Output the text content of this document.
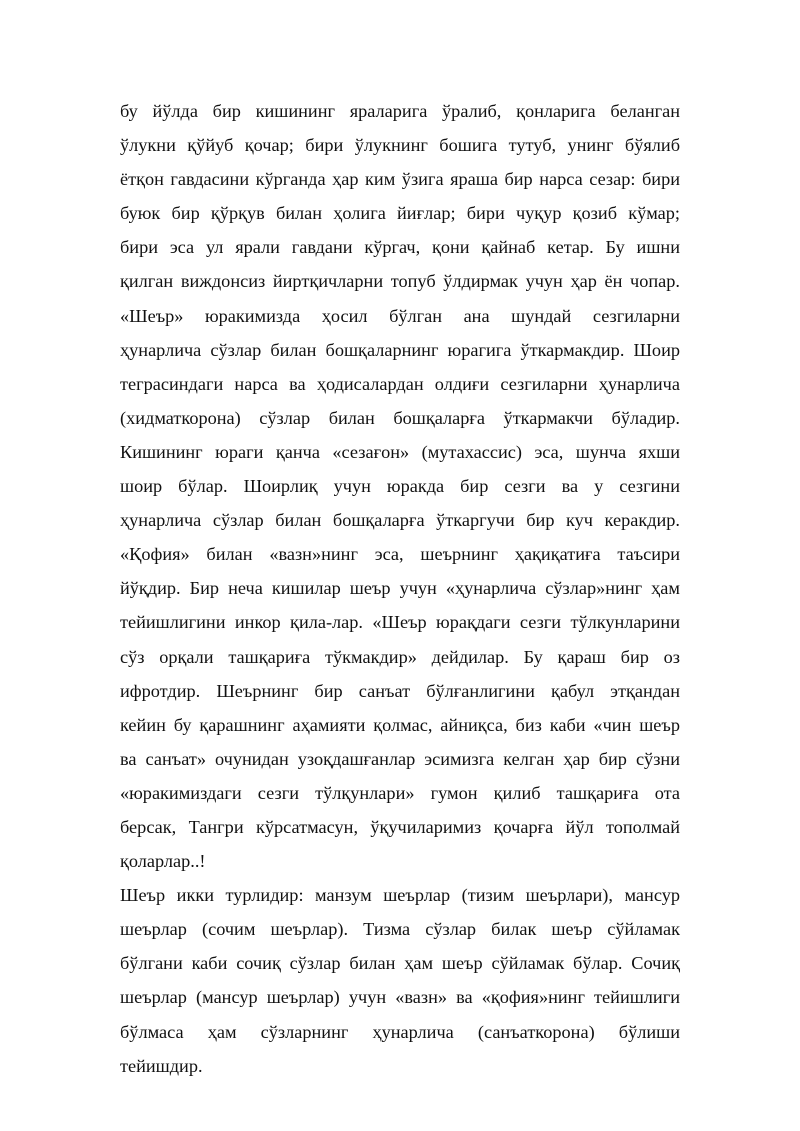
бу йўлда бир кишининг яраларига ўралиб, қонларига беланган
ўлукни қўйуб қочар; бири ўлукнинг бошига тутуб, унинг бўялиб
ётқон гавдасини кўрганда ҳар ким ўзига яраша бир нарса сезар: бири
буюк бир қўрқув билан ҳолига йиғлар; бири чуқур қозиб кўмар;
бири эса ул ярали гавдани кўргач, қони қайнаб кетар. Бу ишни
қилган виждонсиз йиртқичларни топуб ўлдирмак учун ҳар ён чопар.
«Шеър» юракимизда ҳосил бўлган ана шундай сезгиларни
ҳунарлича сўзлар билан бошқаларнинг юрагига ўткармакдир. Шоир
теграсиндаги нарса ва ҳодисалардан олдиғи сезгиларни ҳунарлича
(хидматкорона) сўзлар билан бошқаларға ўткармакчи бўладир.
Кишининг юраги қанча «сезағон» (мутахассис) эса, шунча яхши
шоир бўлар. Шоирлиқ учун юракда бир сезги ва у сезгини
ҳунарлича сўзлар билан бошқаларға ўткаргучи бир куч керакдир.
«Қофия» билан «вазн»нинг эса, шеърнинг ҳақиқатиға таъсири
йўқдир. Бир неча кишилар шеър учун «ҳунарлича сўзлар»нинг ҳам
тейишлигини инкор қила-лар. «Шеър юрақдаги сезги тўлкунларини
сўз орқали ташқариға тўкмакдир» дейдилар. Бу қараш бир оз
ифротдир. Шеърнинг бир санъат бўлғанлигини қабул этқандан
кейин бу қарашнинг аҳамияти қолмас, айниқса, биз каби «чин шеър
ва санъат» очунидан узоқдашғанлар эсимизга келган ҳар бир сўзни
«юракимиздаги сезги тўлқунлари» гумон қилиб ташқариға ота
берсак, Тангри кўрсатмасун, ўқучиларимиз қочарға йўл тополмай
қоларлар..!
Шеър икки турлидир: манзум шеърлар (тизим шеърлари), мансур
шеърлар (сочим шеърлар). Тизма сўзлар билак шеър сўйламак
бўлгани каби сочиқ сўзлар билан ҳам шеър сўйламак бўлар. Сочиқ
шеърлар (мансур шеърлар) учун «вазн» ва «қофия»нинг тейишлиги
бўлмаса ҳам сўзларнинг ҳунарлича (санъаткорона) бўлиши
тейишдир.
